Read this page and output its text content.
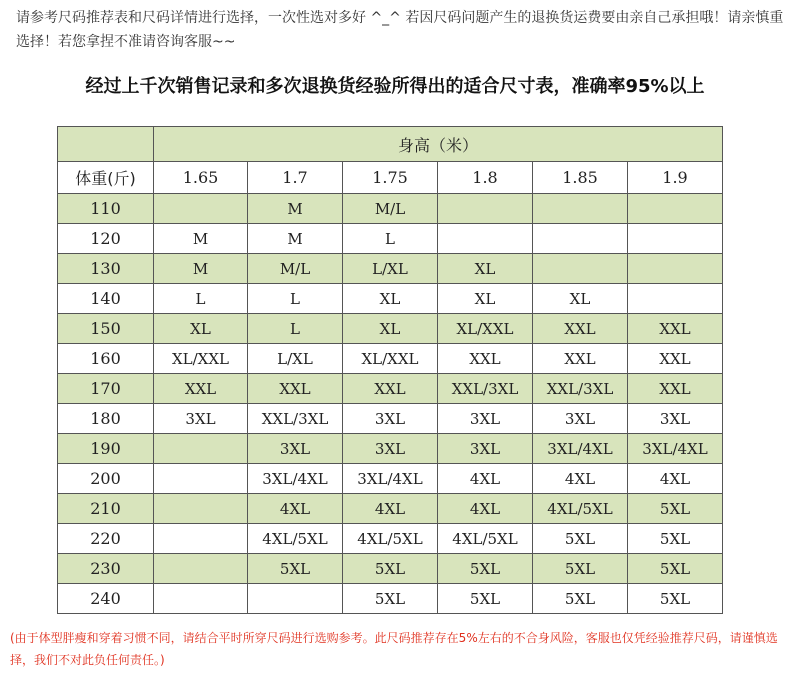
请参考尺码推荐表和尺码详情进行选择，一次性选对多好 ^_^ 若因尺码问题产生的退换货运费要由亲自己承担哦！请亲慎重选择！若您拿捏不准请咨询客服~~
经过上千次销售记录和多次退换货经验所得出的适合尺寸表，准确率95%以上
	身高（米）					
体重(斤)	1.65	1.7	1.75	1.8	1.85	1.9
110		M	M/L			
120	M	M	L			
130	M	M/L	L/XL	XL		
140	L	L	XL	XL	XL	
150	XL	L	XL	XL/XXL	XXL	XXL
160	XL/XXL	L/XL	XL/XXL	XXL	XXL	XXL
170	XXL	XXL	XXL	XXL/3XL	XXL/3XL	XXL
180	3XL	XXL/3XL	3XL	3XL	3XL	3XL
190		3XL	3XL	3XL	3XL/4XL	3XL/4XL
200		3XL/4XL	3XL/4XL	4XL	4XL	4XL
210		4XL	4XL	4XL	4XL/5XL	5XL
220		4XL/5XL	4XL/5XL	4XL/5XL	5XL	5XL
230		5XL	5XL	5XL	5XL	5XL
240			5XL	5XL	5XL	5XL
(由于体型胖瘦和穿着习惯不同，请结合平时所穿尺码进行选购参考。此尺码推荐存在5%左右的不合身风险，客服也仅凭经验推荐尺码，请谨慎选择，我们不对此负任何责任。)
